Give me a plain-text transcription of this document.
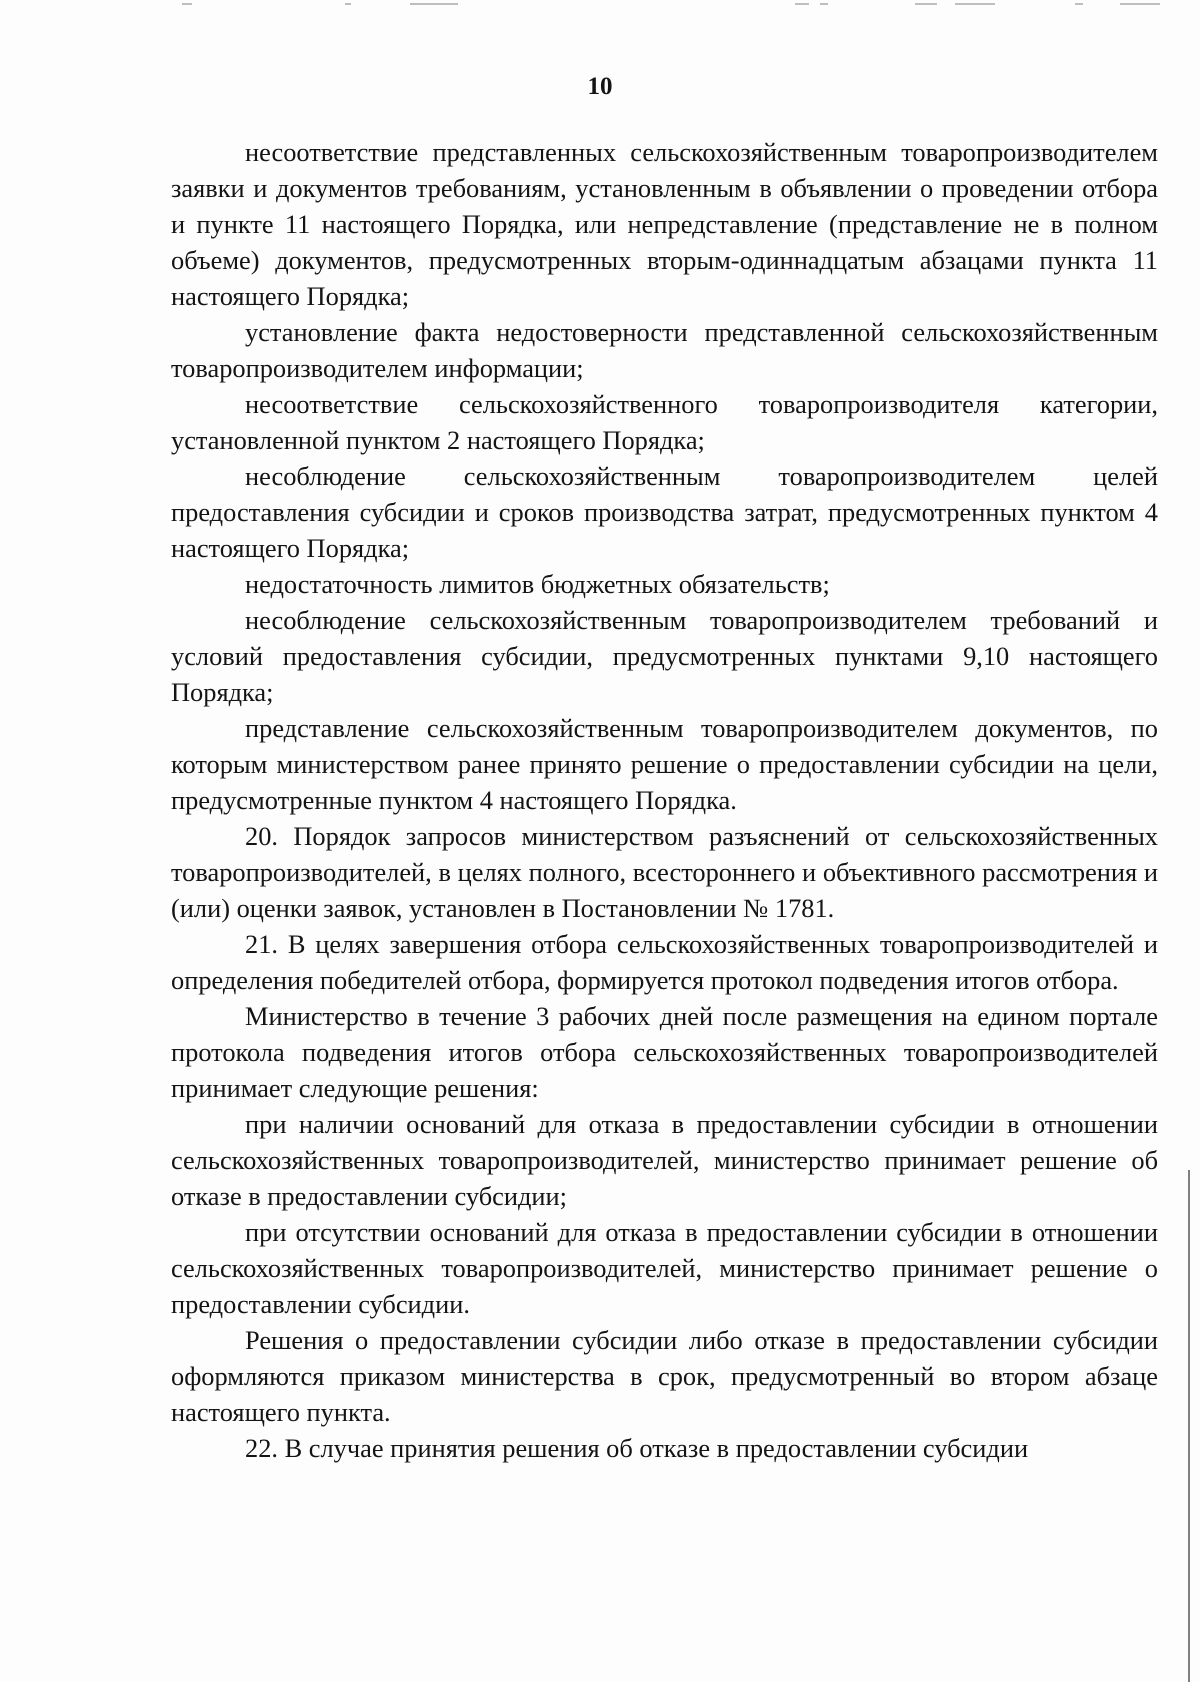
10

несоответствие представленных сельскохозяйственным товаропроизводителем заявки и документов требованиям, установленным в объявлении о проведении отбора и пункте 11 настоящего Порядка, или непредставление (представление не в полном объеме) документов, предусмотренных вторым-одиннадцатым абзацами пункта 11 настоящего Порядка;

установление факта недостоверности представленной сельскохозяйственным товаропроизводителем информации;

несоответствие сельскохозяйственного товаропроизводителя категории, установленной пунктом 2 настоящего Порядка;

несоблюдение сельскохозяйственным товаропроизводителем целей предоставления субсидии и сроков производства затрат, предусмотренных пунктом 4 настоящего Порядка;

недостаточность лимитов бюджетных обязательств;

несоблюдение сельскохозяйственным товаропроизводителем требований и условий предоставления субсидии, предусмотренных пунктами 9,10 настоящего Порядка;

представление сельскохозяйственным товаропроизводителем документов, по которым министерством ранее принято решение о предоставлении субсидии на цели, предусмотренные пунктом 4 настоящего Порядка.

20. Порядок запросов министерством разъяснений от сельскохозяйственных товаропроизводителей, в целях полного, всестороннего и объективного рассмотрения и (или) оценки заявок, установлен в Постановлении № 1781.

21. В целях завершения отбора сельскохозяйственных товаропроизводителей и определения победителей отбора, формируется протокол подведения итогов отбора.

Министерство в течение 3 рабочих дней после размещения на едином портале протокола подведения итогов отбора сельскохозяйственных товаропроизводителей принимает следующие решения:

при наличии оснований для отказа в предоставлении субсидии в отношении сельскохозяйственных товаропроизводителей, министерство принимает решение об отказе в предоставлении субсидии;

при отсутствии оснований для отказа в предоставлении субсидии в отношении сельскохозяйственных товаропроизводителей, министерство принимает решение о предоставлении субсидии.

Решения о предоставлении субсидии либо отказе в предоставлении субсидии оформляются приказом министерства в срок, предусмотренный во втором абзаце настоящего пункта.

22. В случае принятия решения об отказе в предоставлении субсидии
